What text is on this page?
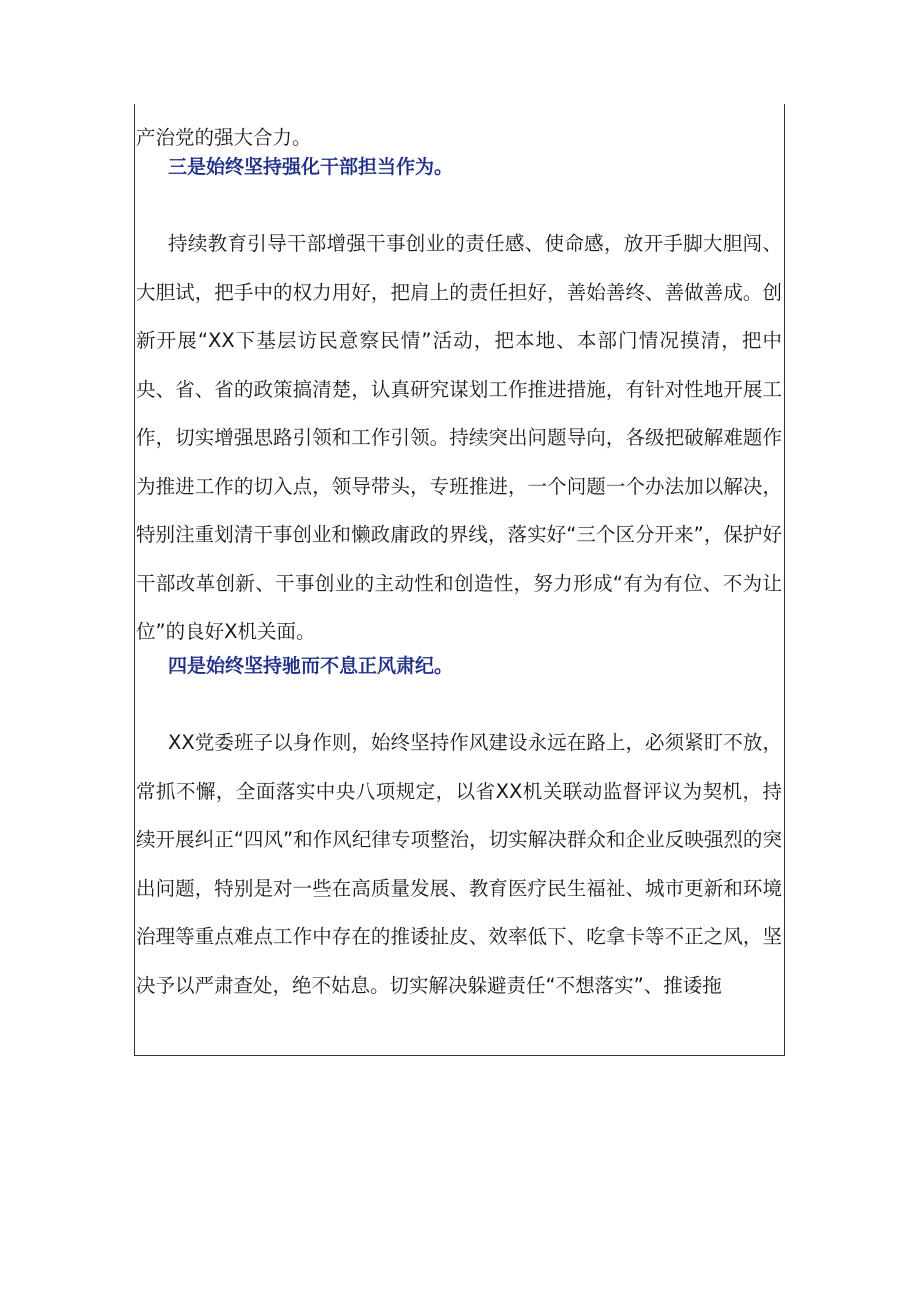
产治党的强大合力。
三是始终坚持强化干部担当作为。
持续教育引导干部增强干事创业的责任感、使命感，放开手脚大胆闯、大胆试，把手中的权力用好，把肩上的责任担好，善始善终、善做善成。创新开展“XX下基层访民意察民情”活动，把本地、本部门情况摸清，把中央、省、省的政策搞清楚，认真研究谋划工作推进措施，有针对性地开展工作，切实增强思路引领和工作引领。持续突出问题导向，各级把破解难题作为推进工作的切入点，领导带头，专班推进，一个问题一个办法加以解决，特别注重划清干事创业和懒政庸政的界线，落实好“三个区分开来”，保护好干部改革创新、干事创业的主动性和创造性，努力形成“有为有位、不为让位”的良好X机关面。
四是始终坚持驰而不息正风肃纪。
XX党委班子以身作则，始终坚持作风建设永远在路上，必须紧盯不放，常抓不懈，全面落实中央八项规定，以省XX机关联动监督评议为契机，持续开展纠正“四风”和作风纪律专项整治，切实解决群众和企业反映强烈的突出问题，特别是对一些在高质量发展、教育医疗民生福祉、城市更新和环境治理等重点难点工作中存在的推诿扯皮、效率低下、吃拿卡等不正之风，坚决予以严肃查处，绝不姑息。切实解决躲避责任“不想落实”、推诿拖
